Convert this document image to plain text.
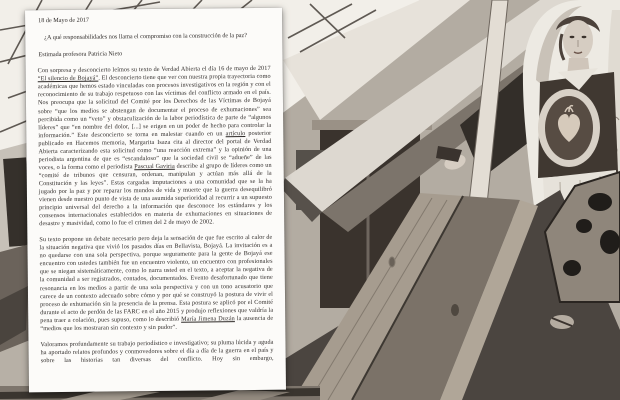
18 de Mayo de 2017
¿A qué responsabilidades nos llama el compromiso con la construcción de la paz?
Estimada profesora Patricia Nieto

Con sorpresa y desconcierto leímos su texto de Verdad Abierta el día 16 de mayo de 2017 “El silencio de Bojayá”. El desconcierto tiene que ver con nuestra propia trayectoria como académicas que hemos estado vinculadas con procesos investigativos en la región y con el reconocimiento de su trabajo respetuoso con las víctimas del conflicto armado en el país. Nos preocupa que la solicitud del Comité por los Derechos de las Víctimas de Bojayá sobre “que los medios se abstengan de documentar el proceso de exhumaciones” sea percibida como un “veto” y obstaculización de la labor periodística de parte de “algunos líderes” que “en nombre del dolor, [...] se erigen en un poder de hecho para controlar la información.” Este desconcierto se torna en malestar cuando en un artículo posterior publicado en Hacemos memoria, Margarita Isaza cita al director del portal de Verdad Abierta caracterizando esta solicitud como “una reacción extrema” y la opinión de una periodista argentina de que es “escandaloso” que la sociedad civil se “adueñe” de las voces, o la forma como el periodista Pascual Gaviria describe al grupo de líderes como un “comité de tribunos que censuran, ordenan, manipulan y actúan más allá de la Constitución y las leyes”. Estas cargadas imputaciones a una comunidad que se la ha jugado por la paz y por reparar los mundos de vida y muerte que la guerra desequilibró vienen desde nuestro punto de vista de una asumida superioridad al recurrir a un supuesto principio universal del derecho a la información que desconoce los estándares y los consensos internacionales establecidos en materia de exhumaciones en situaciones de desastre y masividad, como lo fue el crimen del 2 de mayo de 2002.

Su texto propone un debate necesario pero deja la sensación de que fue escrito al calor de la situación negativa que vivió los pasados días en Bellavista, Bojayá. La invitación es a no quedarse con una sola perspectiva, porque seguramente para la gente de Bojayá ese encuentro con ustedes también fue un encuentro violento, un encuentro con profesionales que se niegan sistemáticamente, como lo narra usted en el texto, a aceptar la negativa de la comunidad a ser registrados, contados, documentados. Evento desafortunado que tiene resonancia en los medios a partir de una sola perspectiva y con un tono acusatorio que carece de un contexto adecuado sobre cómo y por qué se construyó la postura de vivir el proceso de exhumación sin la presencia de la prensa. Esta postura se aplicó por el Comité durante el acto de perdón de las FARC en el año 2015 y produjo reflexiones que valdría la pena traer a colación, pues supuso, como lo describió María Jimena Duzán la ausencia de “medios que los mostraran sin contexto y sin pudor”.

Valoramos profundamente su trabajo periodístico e investigativo; su pluma lúcida y aguda ha aportado relatos profundos y conmovedores sobre el día a día de la guerra en el país y sobre las historias tan diversas del conflicto. Hoy sin embargo,
